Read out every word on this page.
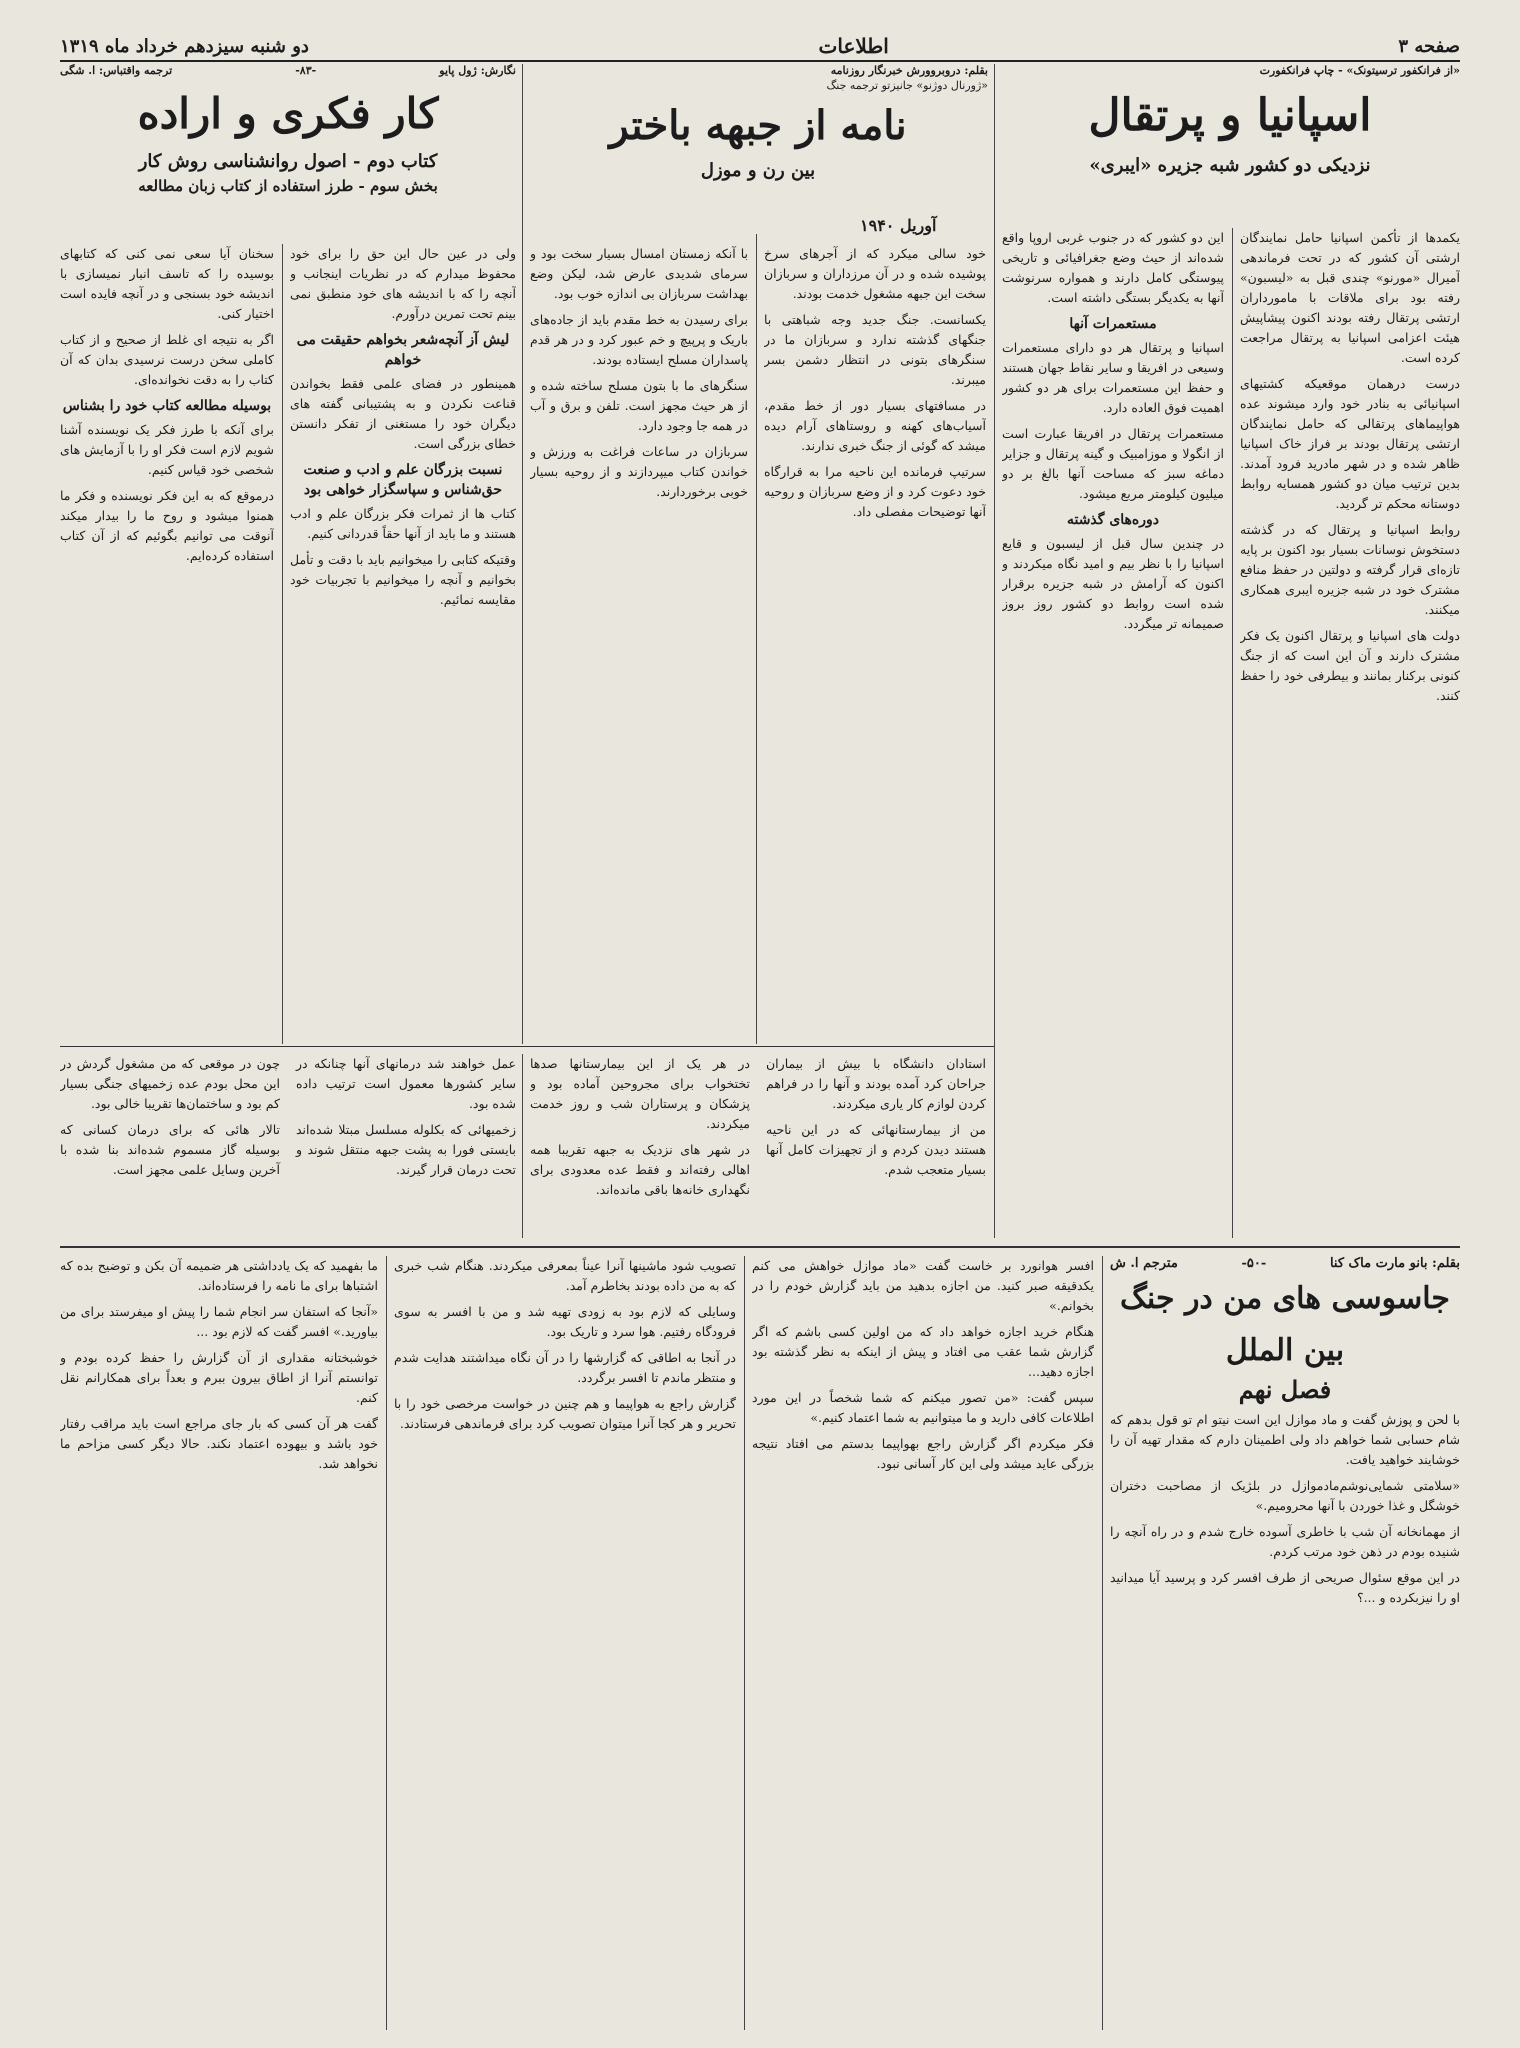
صفحه ۳
اطلاعات
دو شنبه سیزدهم خرداد ماه ۱۳۱۹
«از فرانکفور ترسیتونک» - چاپ فرانکفورت
اسپانیا و پرتقال
نزدیکی دو کشور شبه جزیره «ایبری»

یکمدها از تأکمن اسپانیا حامل نمایندگان ارشتی آن کشور که در تحت فرماندهی آمیرال «مورنو» چندی قبل به «لیسبون» رفته بود برای ملاقات با مامورداران ارتشی پرتقال رفته بودند اکنون پیشاپیش هیئت اعزامی اسپانیا به پرتقال مراجعت کرده است.

درست درهمان موقعیکه کشتیهای اسپانیائی به بنادر خود وارد میشوند عده هواپیماهای پرتقالی که حامل نمایندگان ارتشی پرتقال بودند بر فراز خاک اسپانیا ظاهر شده و در شهر مادرید فرود آمدند. بدین ترتیب میان دو کشور همسایه روابط دوستانه محکم تر گردید.

روابط اسپانیا و پرتقال که در گذشته دستخوش نوسانات بسیار بود اکنون بر پایه تازه‌ای قرار گرفته و دولتین در حفظ منافع مشترک خود در شبه جزیره ایبری همکاری میکنند.

دولت های اسپانیا و پرتقال اکنون یک فکر مشترک دارند و آن این است که از جنگ کنونی برکنار بمانند و بیطرفی خود را حفظ کنند.

این دو کشور که در جنوب غربی اروپا واقع شده‌اند از حیث وضع جغرافیائی و تاریخی پیوستگی کامل دارند و همواره سرنوشت آنها به یکدیگر بستگی داشته است.

مستعمرات آنها

اسپانیا و پرتقال هر دو دارای مستعمرات وسیعی در افریقا و سایر نقاط جهان هستند و حفظ این مستعمرات برای هر دو کشور اهمیت فوق العاده دارد.

مستعمرات پرتقال در افریقا عبارت است از انگولا و موزامبیک و گینه پرتقال و جزایر دماغه سبز که مساحت آنها بالغ بر دو میلیون کیلومتر مربع میشود.

دوره‌های گذشته

در چندین سال قبل از لیسبون و قایع اسپانیا را با نظر بیم و امید نگاه میکردند و اکنون که آرامش در شبه جزیره برقرار شده است روابط دو کشور روز بروز صمیمانه تر میگردد.

بقلم: دروبروورش خبرنگار روزنامه
«ژورنال دوژنو» جانیزتو ترجمه جنگ
نامه از جبهه باختر
بین رن و موزل
آوریل ۱۹۴۰

خود سالی میکرد که از آجرهای سرخ پوشیده شده و در آن مرزداران و سربازان سخت این جبهه مشغول خدمت بودند.

یکسانست. جنگ جدید وجه شباهتی با جنگهای گذشته ندارد و سربازان ما در سنگرهای بتونی در انتظار دشمن بسر میبرند.

در مسافتهای بسیار دور از خط مقدم، آسیاب‌های کهنه و روستاهای آرام دیده میشد که گوئی از جنگ خبری ندارند.

سرتیپ فرمانده این ناحیه مرا به قرارگاه خود دعوت کرد و از وضع سربازان و روحیه آنها توضیحات مفصلی داد.

با آنکه زمستان امسال بسیار سخت بود و سرمای شدیدی عارض شد، لیکن وضع بهداشت سربازان بی اندازه خوب بود.

برای رسیدن به خط مقدم باید از جاده‌های باریک و پرپیچ و خم عبور کرد و در هر قدم پاسداران مسلح ایستاده بودند.

سنگرهای ما با بتون مسلح ساخته شده و از هر حیث مجهز است. تلفن و برق و آب در همه جا وجود دارد.

سربازان در ساعات فراغت به ورزش و خواندن کتاب میپردازند و از روحیه بسیار خوبی برخوردارند.

نگارش: ژول پایو
-۸۳-
ترجمه واقتباس: ا. شگی
کار فکری و اراده
کتاب دوم - اصول روانشناسی روش کار
بخش سوم - طرز استفاده از کتاب زبان مطالعه

ولی در عین حال این حق را برای خود محفوظ میدارم که در نظریات اینجانب و آنچه را که با اندیشه های خود منطبق نمی بینم تحت تمرین درآورم.

لیش آز آنچه‌شعر بخواهم حقیقت می خواهم

همینطور در فضای علمی فقط بخواندن قناعت نکردن و به پشتیبانی گفته های دیگران خود را مستغنی از تفکر دانستن خطای بزرگی است.

نسبت بزرگان علم و ادب و صنعت حق‌شناس و سپاسگزار خواهی بود

کتاب ها از ثمرات فکر بزرگان علم و ادب هستند و ما باید از آنها حقاً قدردانی کنیم.

وقتیکه کتابی را میخوانیم باید با دقت و تأمل بخوانیم و آنچه را میخوانیم با تجربیات خود مقایسه نمائیم.

سخنان آیا سعی نمی کنی که کتابهای بوسیده را که تاسف انبار نمیسازی با اندیشه خود بسنجی و در آنچه فایده است اختیار کنی.

اگر به نتیجه ای غلط از صحیح و از کتاب کاملی سخن درست نرسیدی بدان که آن کتاب را به دقت نخوانده‌ای.

بوسیله مطالعه کتاب خود را بشناس

برای آنکه با طرز فکر یک نویسنده آشنا شویم لازم است فکر او را با آزمایش های شخصی خود قیاس کنیم.

درموقع که به این فکر نویسنده و فکر ما همنوا میشود و روح ما را بیدار میکند آنوقت می توانیم بگوئیم که از آن کتاب استفاده کرده‌ایم.

استادان دانشگاه با بیش از بیماران جراحان کرد آمده بودند و آنها را در فراهم کردن لوازم کار یاری میکردند.

من از بیمارستانهائی که در این ناحیه هستند دیدن کردم و از تجهیزات کامل آنها بسیار متعجب شدم.

در هر یک از این بیمارستانها صدها تختخواب برای مجروحین آماده بود و پزشکان و پرستاران شب و روز خدمت میکردند.

در شهر های نزدیک به جبهه تقریبا همه اهالی رفته‌اند و فقط عده معدودی برای نگهداری خانه‌ها باقی مانده‌اند.

عمل خواهند شد درمانهای آنها چنانکه در سایر کشورها معمول است ترتیب داده شده بود.

زخمیهائی که بکلوله مسلسل مبتلا شده‌اند بایستی فورا به پشت جبهه منتقل شوند و تحت درمان قرار گیرند.

چون در موقعی که من مشغول گردش در این محل بودم عده زخمیهای جنگی بسیار کم بود و ساختمان‌ها تقریبا خالی بود.

تالار هائی که برای درمان کسانی که بوسیله گاز مسموم شده‌اند بنا شده با آخرین وسایل علمی مجهز است.

بقلم: بانو مارت ماک کنا
-۵۰-
مترجم ا. ش
جاسوسی های من در جنگ بین الملل
فصل نهم

با لحن و پوزش گفت و ماد موازل این است نیتو ام تو قول بدهم که شام حسابی شما خواهم داد ولی اطمینان دارم که مقدار تهیه آن را خوشایند خواهید یافت.

«سلامتی شمایی‌نوشم‌ماد‌موازل در بلژیک از مصاحبت دختران خوشگل و غذا خوردن با آنها محرومیم.»

از مهمانخانه آن شب با خاطری آسوده خارج شدم و در راه آنچه را شنیده بودم در ذهن خود مرتب کردم.

در این موقع سئوال صریحی از طرف افسر کرد و پرسید آیا میدانید او را نیزبکرده و ...؟

افسر هوانورد بر خاست گفت «ماد موازل خواهش می کنم یکدقیقه صبر کنید. من اجازه بدهید من باید گزارش خودم را در بخوانم.»

هنگام خرید اجازه خواهد داد که من اولین کسی باشم که اگر گزارش شما عقب می افتاد و پیش از اینکه به نظر گذشته بود اجازه دهید...

سپس گفت: «من تصور میکنم که شما شخصاً در این مورد اطلاعات کافی دارید و ما میتوانیم به شما اعتماد کنیم.»

فکر میکردم اگر گزارش راجع بهواپیما بدستم می افتاد نتیجه بزرگی عاید میشد ولی این کار آسانی نبود.

تصویب شود ماشینها آنرا عیناً بمعرفی میکردند. هنگام شب خبری که به من داده بودند بخاطرم آمد.

وسایلی که لازم بود به زودی تهیه شد و من با افسر به سوی فرودگاه رفتیم. هوا سرد و تاریک بود.

در آنجا به اطاقی که گزارشها را در آن نگاه میداشتند هدایت شدم و منتظر ماندم تا افسر برگردد.

گزارش راجع به هواپیما و هم چنین در خواست مرخصی خود را با تحریر و هر کجا آنرا میتوان تصویب کرد برای فرماندهی فرستادند.

ما بفهمید که یک یادداشتی هر ضمیمه آن بکن و توضیح بده که اشتباها برای ما نامه را فرستاده‌اند.

«آنجا که استفان سر انجام شما را پیش او میفرستد برای من بیاورید.» افسر گفت که لازم بود ...

خوشبختانه مقداری از آن گزارش را حفظ کرده بودم و توانستم آنرا از اطاق بیرون ببرم و بعداً برای همکارانم نقل کنم.

گفت هر آن کسی که بار جای مراجع است باید مراقب رفتار خود باشد و بیهوده اعتماد نکند. حالا دیگر کسی مزاحم ما نخواهد شد.
